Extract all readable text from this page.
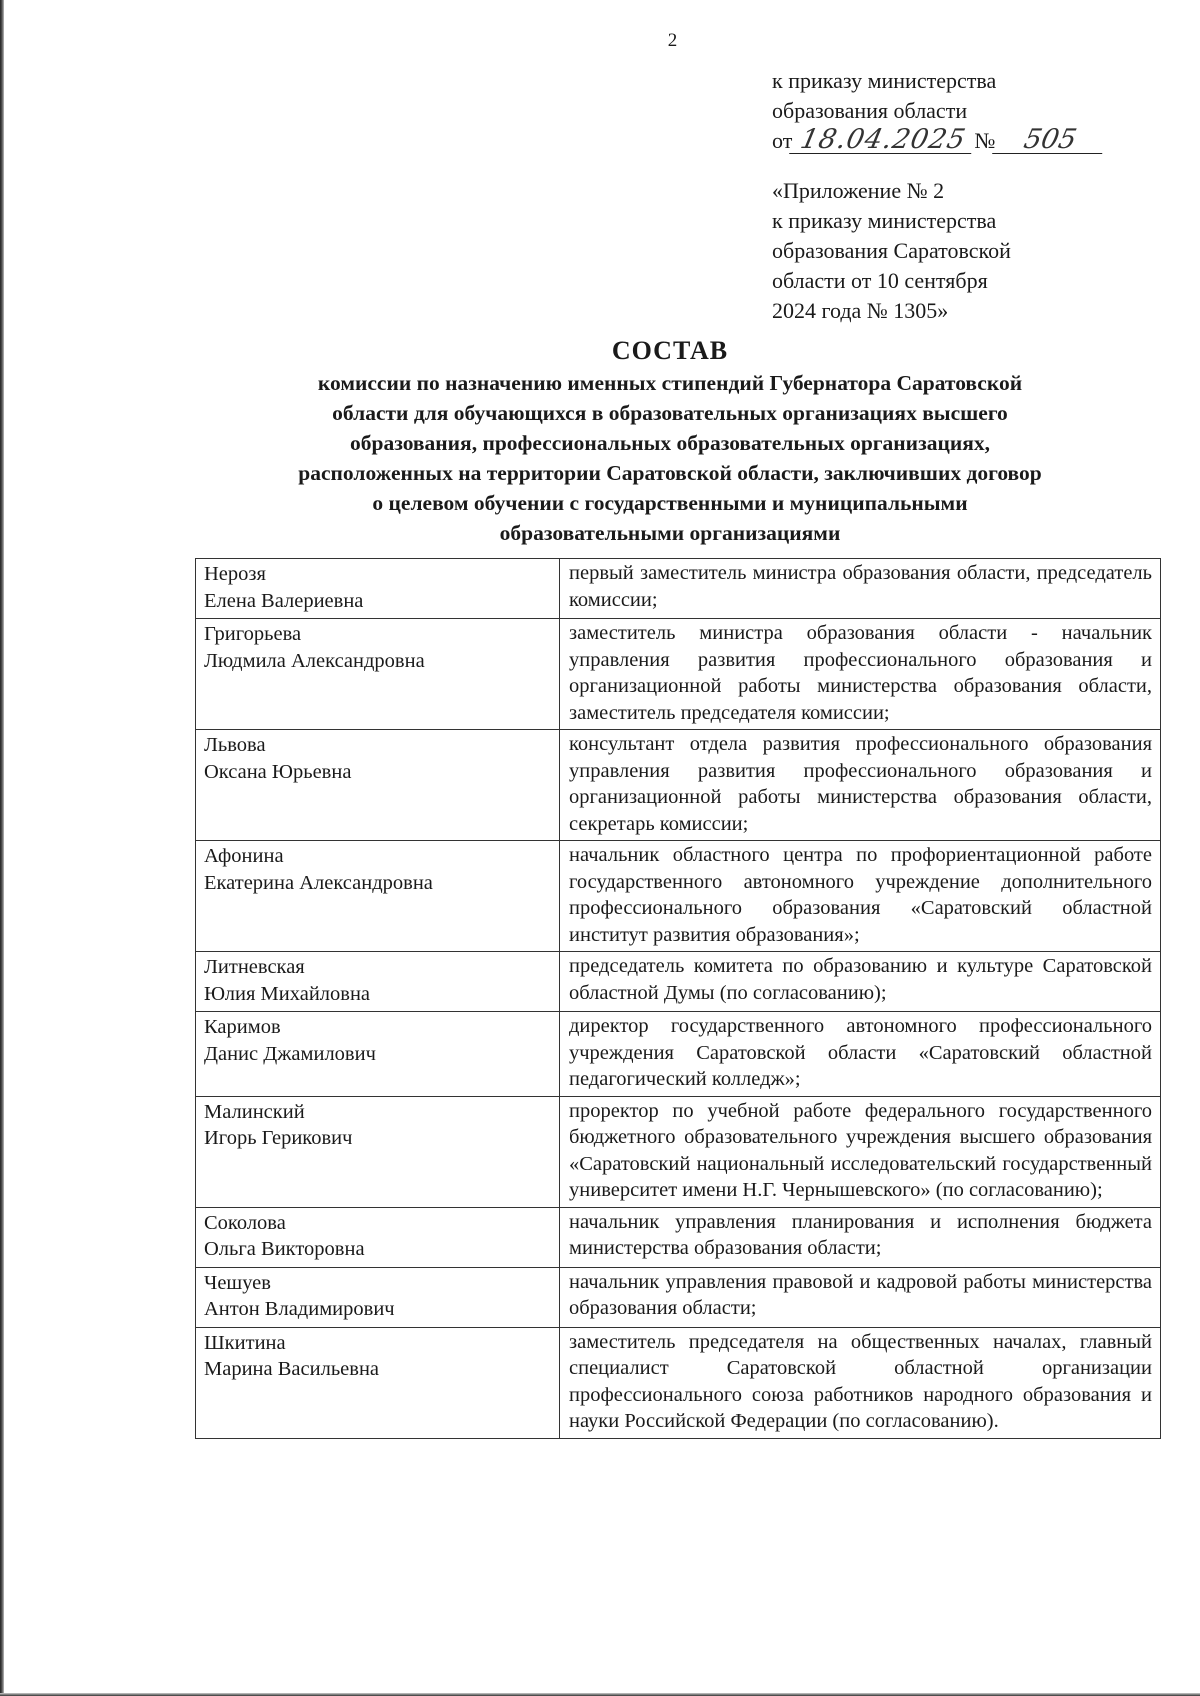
2
к приказу министерства
образования области
от 18.04.2025 № 505
«Приложение № 2
к приказу министерства
образования Саратовской
области от 10 сентября
2024 года № 1305»
СОСТАВ
комиссии по назначению именных стипендий Губернатора Саратовской
области для обучающихся в образовательных организациях высшего
образования, профессиональных образовательных организациях,
расположенных на территории Саратовской области, заключивших договор
о целевом обучении с государственными и муниципальными
образовательными организациями
Нерозя
Елена Валериевна	первый заместитель министра образования области, председатель комиссии;

Григорьева
Людмила Александровна	заместитель министра образования области - начальник управления развития профессионального образования и организационной работы министерства образования области, заместитель председателя комиссии;

Львова
Оксана Юрьевна	консультант отдела развития профессионального образования управления развития профессионального образования и организационной работы министерства образования области, секретарь комиссии;

Афонина
Екатерина Александровна	начальник областного центра по профориентационной работе государственного автономного учреждение дополнительного профессионального образования «Саратовский областной институт развития образования»;

Литневская
Юлия Михайловна	председатель комитета по образованию и культуре Саратовской областной Думы (по согласованию);

Каримов
Данис Джамилович	директор государственного автономного профессионального учреждения Саратовской области «Саратовский областной педагогический колледж»;

Малинский
Игорь Герикович	проректор по учебной работе федерального государственного бюджетного образовательного учреждения высшего образования «Саратовский национальный исследовательский государственный университет имени Н.Г. Чернышевского» (по согласованию);

Соколова
Ольга Викторовна	начальник управления планирования и исполнения бюджета министерства образования области;

Чешуев
Антон Владимирович	начальник управления правовой и кадровой работы министерства образования области;

Шкитина
Марина Васильевна	заместитель председателя на общественных началах, главный специалист Саратовской областной организации профессионального союза работников народного образования и науки Российской Федерации (по согласованию).
